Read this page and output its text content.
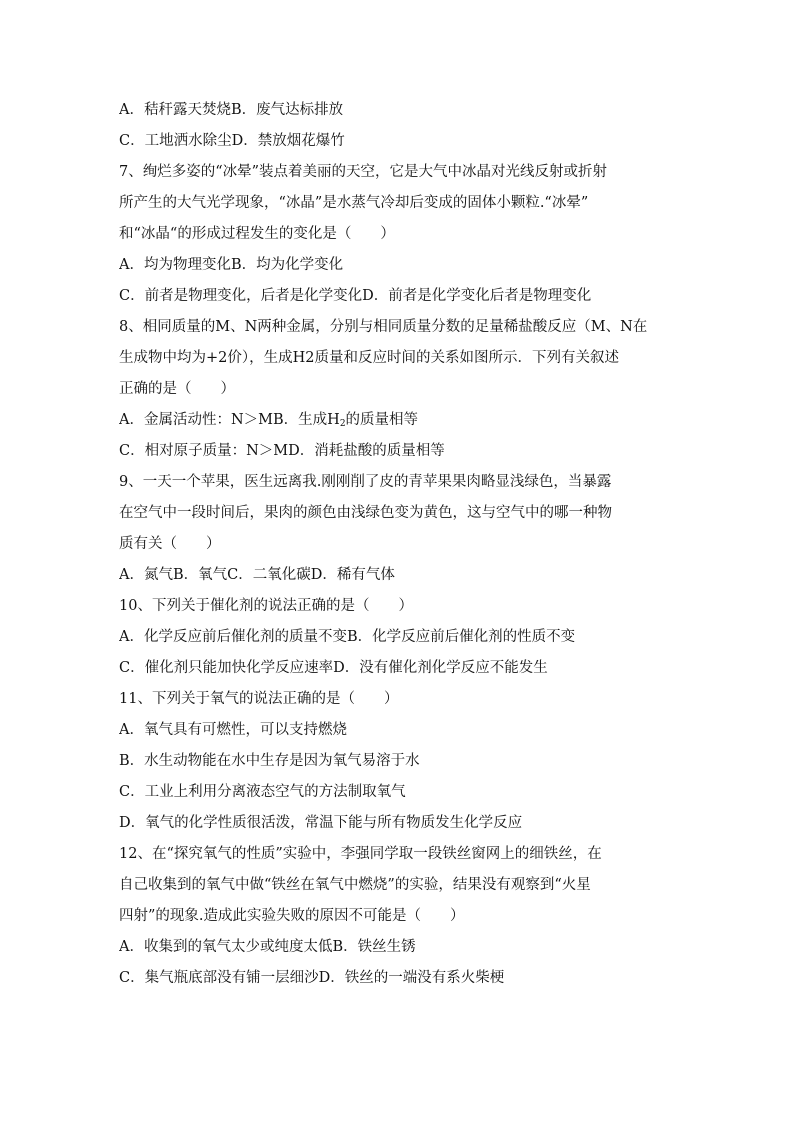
A．秸秆露天焚烧B．废气达标排放
C．工地洒水除尘D．禁放烟花爆竹
7、绚烂多姿的“冰晕”装点着美丽的天空，它是大气中冰晶对光线反射或折射
所产生的大气光学现象，“冰晶”是水蒸气冷却后变成的固体小颗粒.“冰晕”
和“冰晶“的形成过程发生的变化是（　　）
A．均为物理变化B．均为化学变化
C．前者是物理变化，后者是化学变化D．前者是化学变化后者是物理变化
8、相同质量的M、N两种金属，分别与相同质量分数的足量稀盐酸反应（M、N在
生成物中均为+2价），生成H2质量和反应时间的关系如图所示．下列有关叙述
正确的是（　　）
A．金属活动性：N＞MB．生成$H_2$的质量相等
C．相对原子质量：N＞MD．消耗盐酸的质量相等
9、一天一个苹果，医生远离我.刚刚削了皮的青苹果果肉略显浅绿色，当暴露
在空气中一段时间后，果肉的颜色由浅绿色变为黄色，这与空气中的哪一种物
质有关（　　）
A．氮气B．氧气C．二氧化碳D．稀有气体
10、下列关于催化剂的说法正确的是（　　）
A．化学反应前后催化剂的质量不变B．化学反应前后催化剂的性质不变
C．催化剂只能加快化学反应速率D．没有催化剂化学反应不能发生
11、下列关于氧气的说法正确的是（　　）
A．氧气具有可燃性，可以支持燃烧
B．水生动物能在水中生存是因为氧气易溶于水
C．工业上利用分离液态空气的方法制取氧气
D．氧气的化学性质很活泼，常温下能与所有物质发生化学反应
12、在“探究氧气的性质”实验中，李强同学取一段铁丝窗网上的细铁丝，在
自己收集到的氧气中做“铁丝在氧气中燃烧”的实验，结果没有观察到“火星
四射”的现象.造成此实验失败的原因不可能是（　　）
A．收集到的氧气太少或纯度太低B．铁丝生锈
C．集气瓶底部没有铺一层细沙D．铁丝的一端没有系火柴梗
